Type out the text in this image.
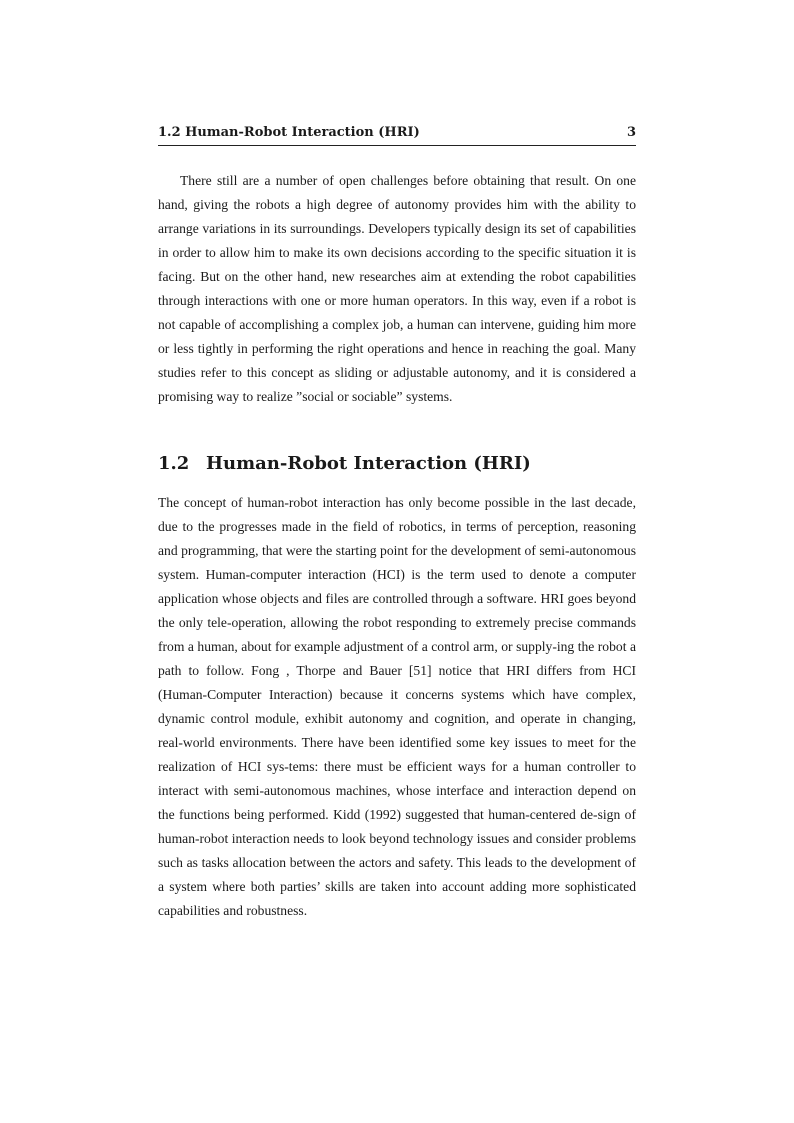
1.2 Human-Robot Interaction (HRI)	3

There still are a number of open challenges before obtaining that result. On one hand, giving the robots a high degree of autonomy provides him with the ability to arrange variations in its surroundings. Developers typically design its set of capabilities in order to allow him to make its own decisions according to the specific situation it is facing. But on the other hand, new researches aim at extending the robot capabilities through interactions with one or more human operators. In this way, even if a robot is not capable of accomplishing a complex job, a human can intervene, guiding him more or less tightly in performing the right operations and hence in reaching the goal. Many studies refer to this concept as sliding or adjustable autonomy, and it is considered a promising way to realize ”social or sociable” systems.

1.2 Human-Robot Interaction (HRI)

The concept of human-robot interaction has only become possible in the last decade, due to the progresses made in the field of robotics, in terms of perception, reasoning and programming, that were the starting point for the development of semi-autonomous system. Human-computer interaction (HCI) is the term used to denote a computer application whose objects and files are controlled through a software. HRI goes beyond the only tele-operation, allowing the robot responding to extremely precise commands from a human, about for example adjustment of a control arm, or supply-ing the robot a path to follow. Fong , Thorpe and Bauer [51] notice that HRI differs from HCI (Human-Computer Interaction) because it concerns systems which have complex, dynamic control module, exhibit autonomy and cognition, and operate in changing, real-world environments. There have been identified some key issues to meet for the realization of HCI sys-tems: there must be efficient ways for a human controller to interact with semi-autonomous machines, whose interface and interaction depend on the functions being performed. Kidd (1992) suggested that human-centered de-sign of human-robot interaction needs to look beyond technology issues and consider problems such as tasks allocation between the actors and safety. This leads to the development of a system where both parties’ skills are taken into account adding more sophisticated capabilities and robustness.
